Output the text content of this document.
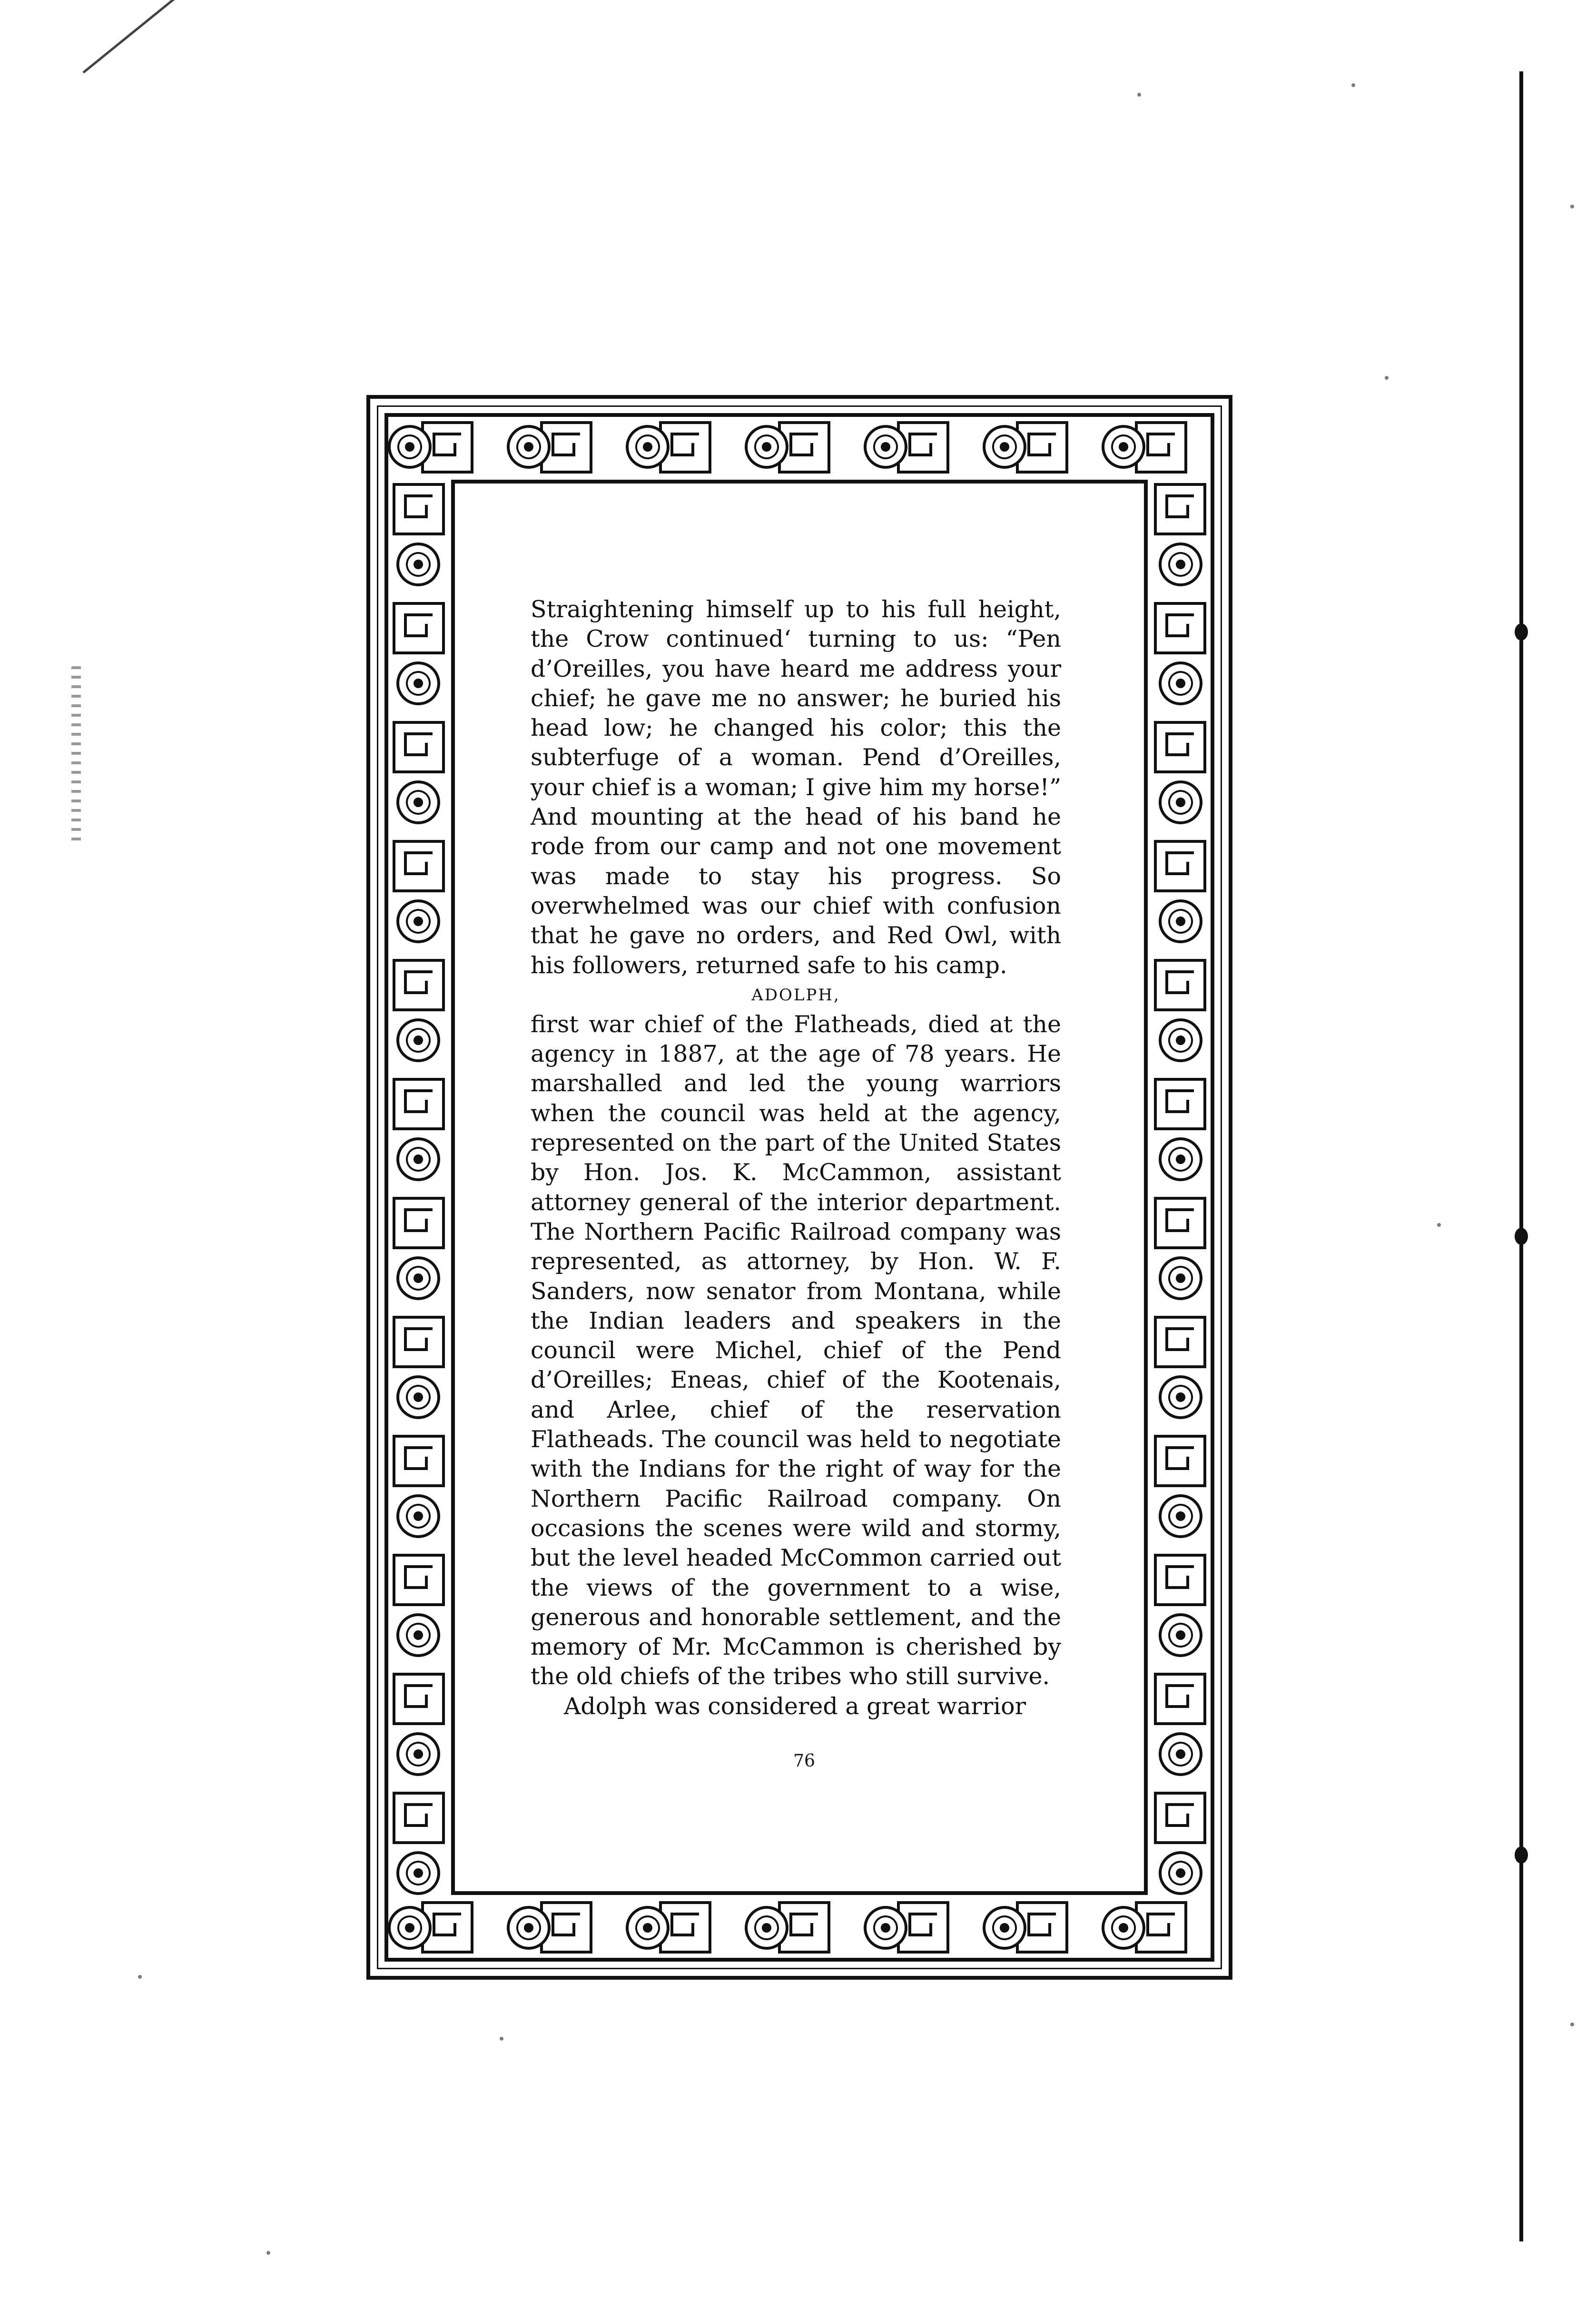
Straightening himself up to his full height, the Crow continued‘ turning to us: “Pen d’Oreilles, you have heard me address your chief; he gave me no answer; he buried his head low; he changed his color; this the subterfuge of a woman. Pend d’Oreilles, your chief is a woman; I give him my horse!” And mounting at the head of his band he rode from our camp and not one movement was made to stay his progress. So overwhelmed was our chief with confusion that he gave no orders, and Red Owl, with his followers, returned safe to his camp.

ADOLPH,

first war chief of the Flatheads, died at the agency in 1887, at the age of 78 years. He marshalled and led the young warriors when the council was held at the agency, represented on the part of the United States by Hon. Jos. K. McCammon, assistant attorney general of the interior department. The Northern Pacific Railroad company was represented, as attorney, by Hon. W. F. Sanders, now senator from Montana, while the Indian leaders and speakers in the council were Michel, chief of the Pend d’Oreilles; Eneas, chief of the Kootenais, and Arlee, chief of the reservation Flatheads. The council was held to negotiate with the Indians for the right of way for the Northern Pacific Railroad company. On occasions the scenes were wild and stormy, but the level headed McCommon carried out the views of the government to a wise, generous and honorable settlement, and the memory of Mr. McCammon is cherished by the old chiefs of the tribes who still survive.

Adolph was considered a great warrior

76
